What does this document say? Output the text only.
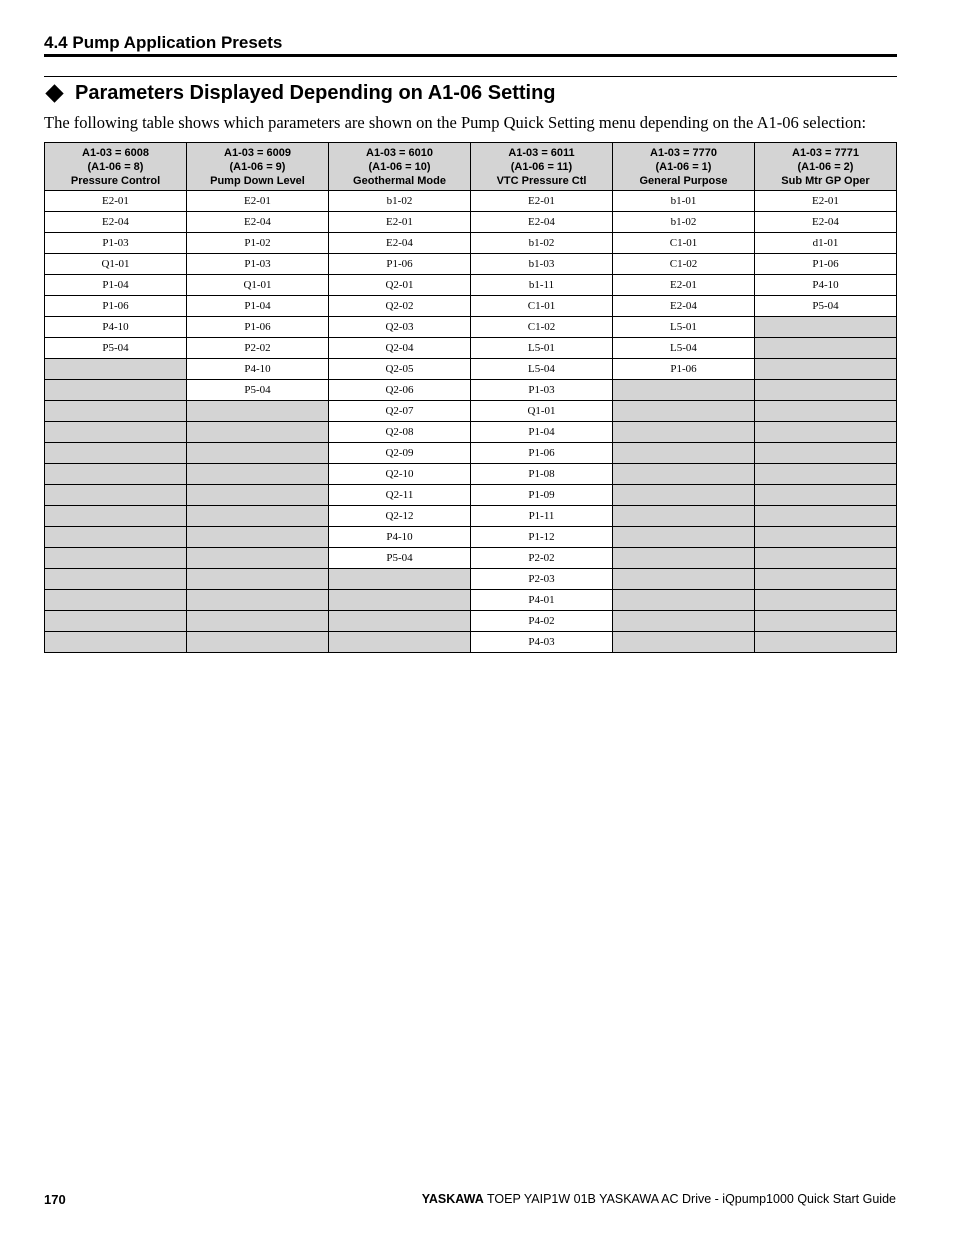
4.4 Pump Application Presets
Parameters Displayed Depending on A1-06 Setting
The following table shows which parameters are shown on the Pump Quick Setting menu depending on the A1-06 selection:
A1-03 = 6008
(A1-06 = 8)
Pressure Control	A1-03 = 6009
(A1-06 = 9)
Pump Down Level	A1-03 = 6010
(A1-06 = 10)
Geothermal Mode	A1-03 = 6011
(A1-06 = 11)
VTC Pressure Ctl	A1-03 = 7770
(A1-06 = 1)
General Purpose	A1-03 = 7771
(A1-06 = 2)
Sub Mtr GP Oper
E2-01	E2-01	b1-02	E2-01	b1-01	E2-01
E2-04	E2-04	E2-01	E2-04	b1-02	E2-04
P1-03	P1-02	E2-04	b1-02	C1-01	d1-01
Q1-01	P1-03	P1-06	b1-03	C1-02	P1-06
P1-04	Q1-01	Q2-01	b1-11	E2-01	P4-10
P1-06	P1-04	Q2-02	C1-01	E2-04	P5-04
P4-10	P1-06	Q2-03	C1-02	L5-01	
P5-04	P2-02	Q2-04	L5-01	L5-04	
	P4-10	Q2-05	L5-04	P1-06	
	P5-04	Q2-06	P1-03		
		Q2-07	Q1-01		
		Q2-08	P1-04		
		Q2-09	P1-06		
		Q2-10	P1-08		
		Q2-11	P1-09		
		Q2-12	P1-11		
		P4-10	P1-12		
		P5-04	P2-02		
			P2-03		
			P4-01		
			P4-02		
			P4-03		
170	YASKAWA TOEP YAIP1W 01B YASKAWA AC Drive - iQpump1000 Quick Start Guide
